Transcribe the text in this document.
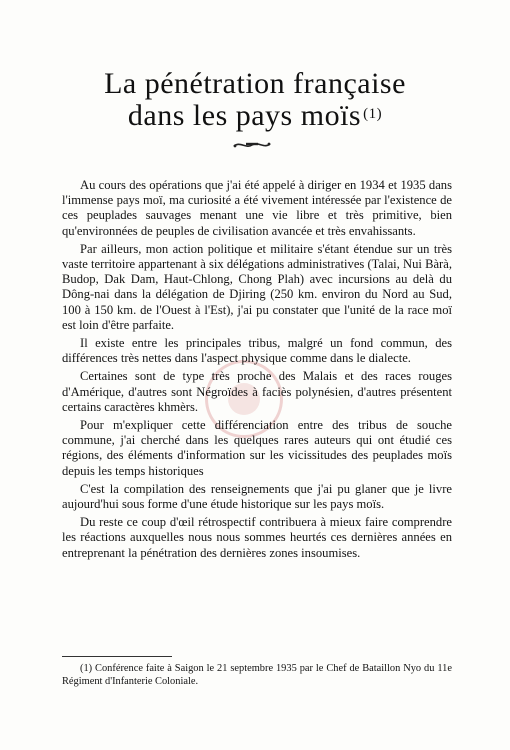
La pénétration française
dans les pays moïs $^{(1)}$

Au cours des opérations que j'ai été appelé à diriger en 1934 et 1935 dans l'immense pays moï, ma curiosité a été vivement intéressée par l'existence de ces peuplades sauvages menant une vie libre et très primitive, bien qu'environnées de peuples de civilisation avancée et très envahissants.

Par ailleurs, mon action politique et militaire s'étant étendue sur un très vaste territoire appartenant à six délégations administratives (Talai, Nui Bàrà, Budop, Dak Dam, Haut-Chlong, Chong Plah) avec incursions au delà du Dông-nai dans la délégation de Djiring (250 km. environ du Nord au Sud, 100 à 150 km. de l'Ouest à l'Est), j'ai pu constater que l'unité de la race moï est loin d'être parfaite.

Il existe entre les principales tribus, malgré un fond commun, des différences très nettes dans l'aspect physique comme dans le dialecte.

Certaines sont de type très proche des Malais et des races rouges d'Amérique, d'autres sont Négroïdes à faciès polynésien, d'autres présentent certains caractères khmèrs.

Pour m'expliquer cette différenciation entre des tribus de souche commune, j'ai cherché dans les quelques rares auteurs qui ont étudié ces régions, des éléments d'information sur les vicissitudes des peuplades moïs depuis les temps historiques

C'est la compilation des renseignements que j'ai pu glaner que je livre aujourd'hui sous forme d'une étude historique sur les pays moïs.

Du reste ce coup d'œil rétrospectif contribuera à mieux faire comprendre les réactions auxquelles nous nous sommes heurtés ces dernières années en entreprenant la pénétration des dernières zones insoumises.

(1) Conférence faite à Saigon le 21 septembre 1935 par le Chef de Bataillon Nyo du 11e Régiment d'Infanterie Coloniale.
